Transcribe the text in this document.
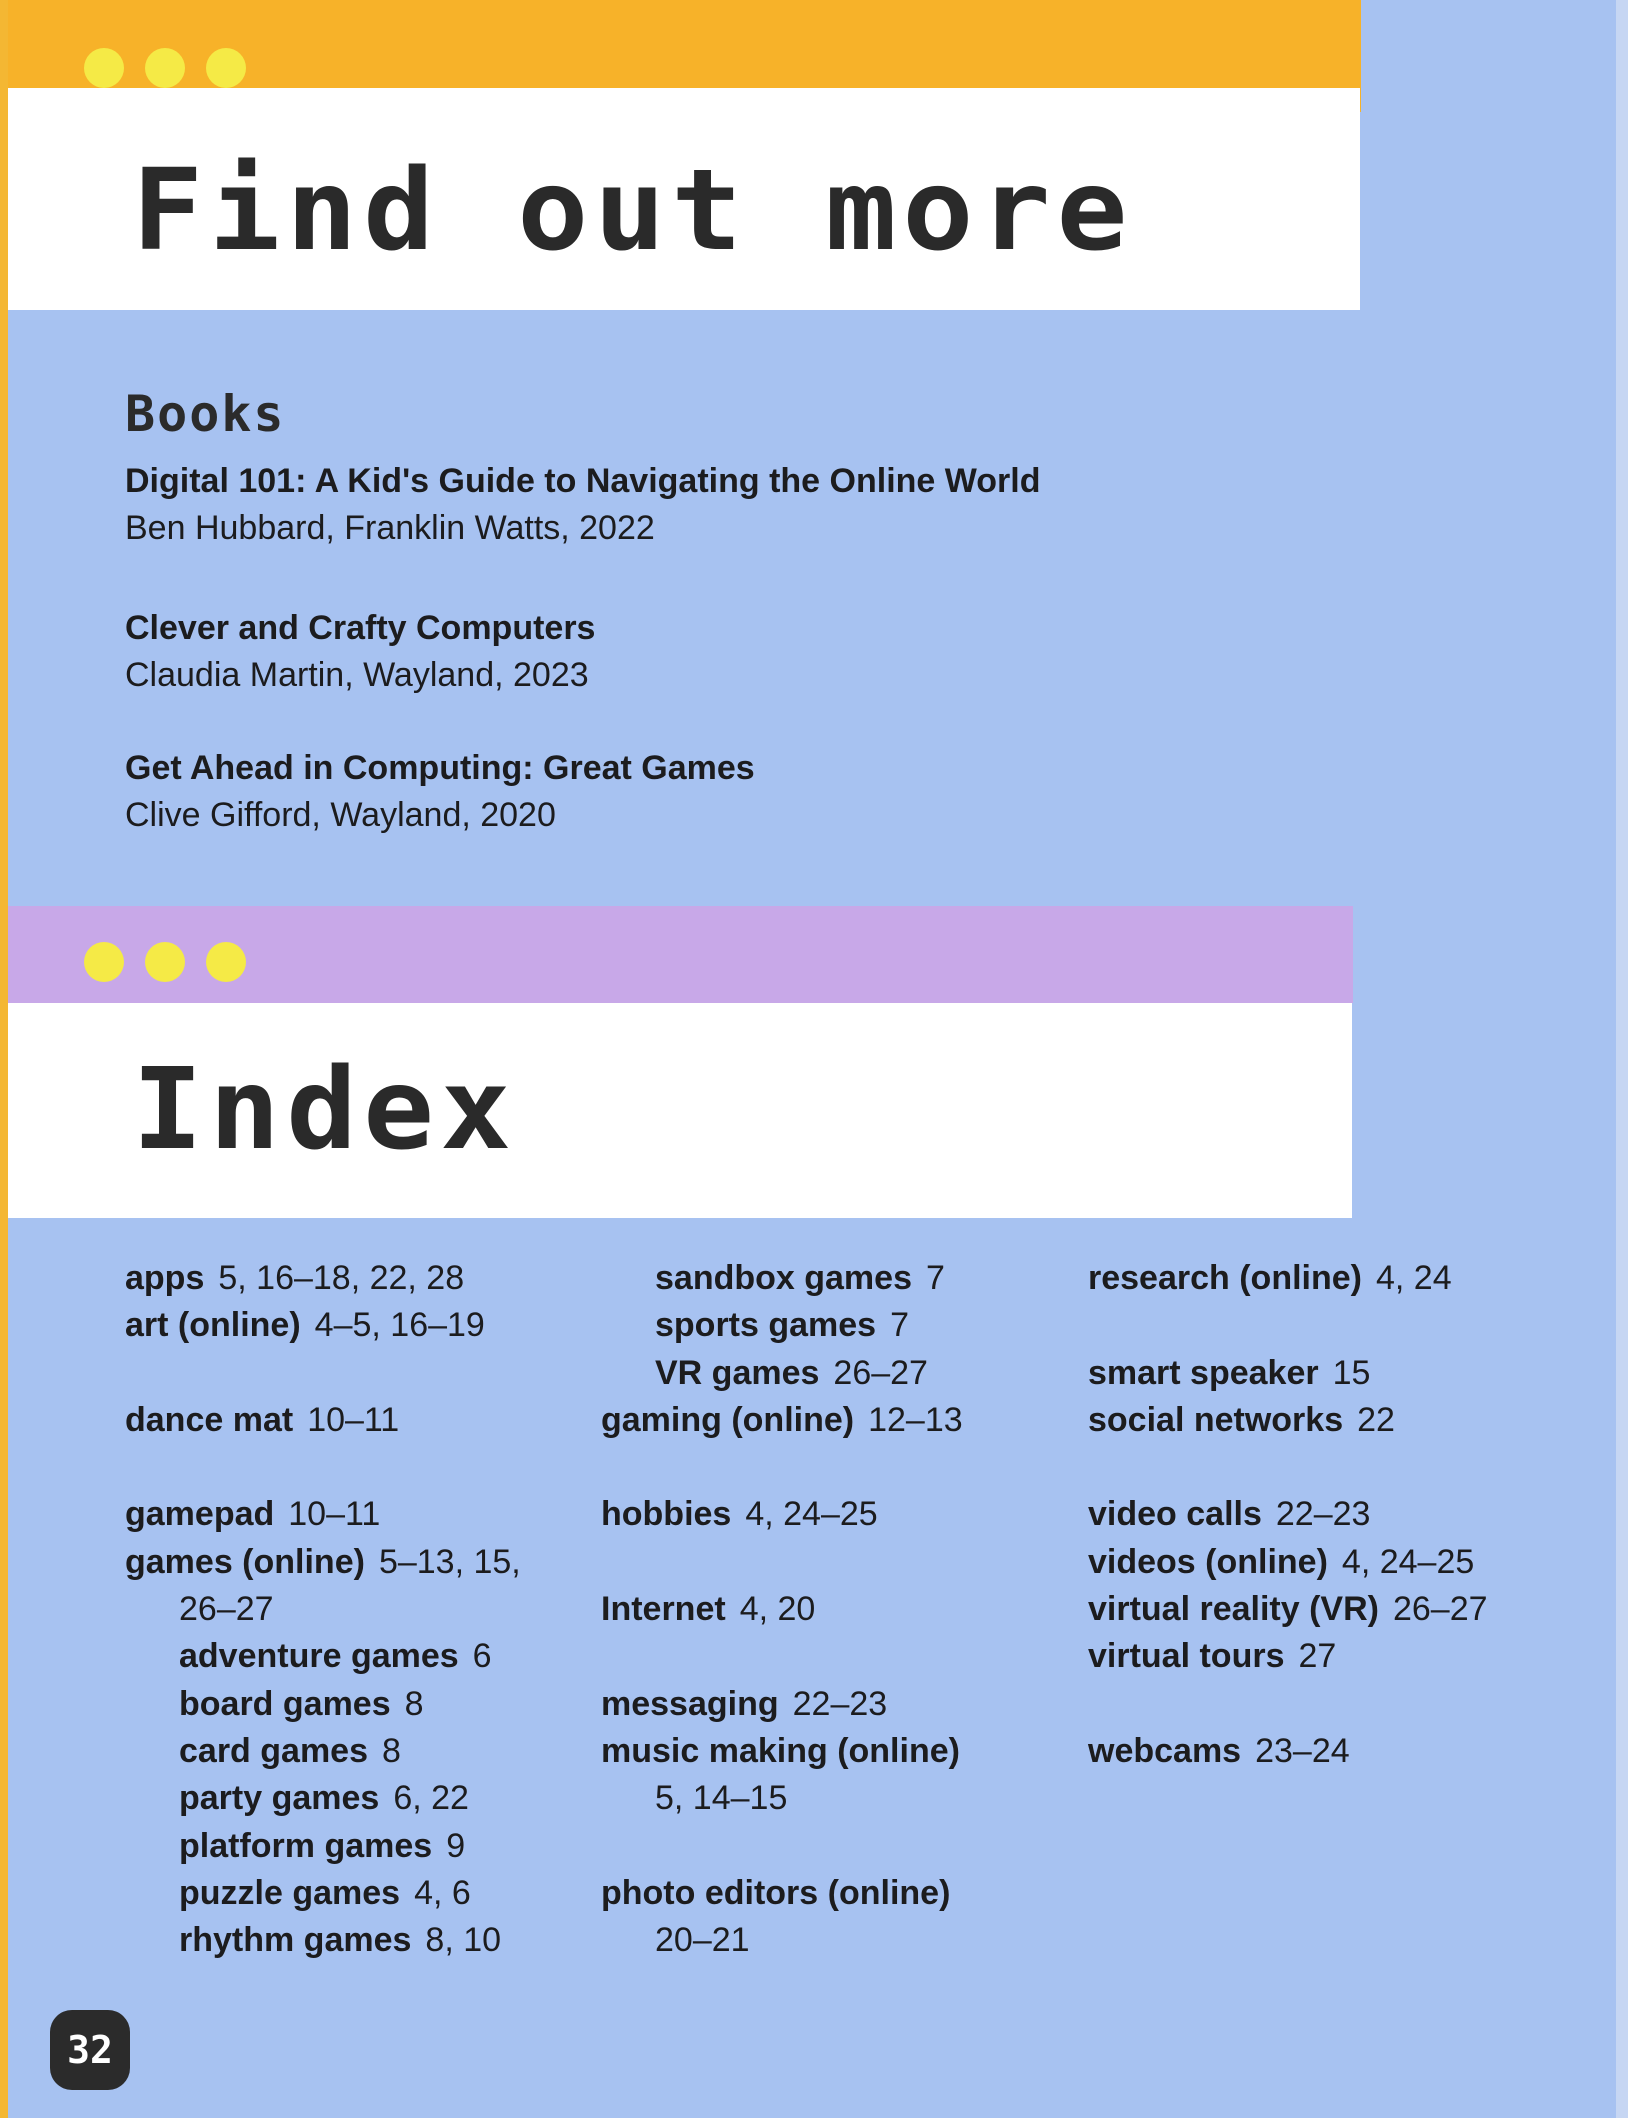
Find out more
Books
Digital 101: A Kid's Guide to Navigating the Online World
Ben Hubbard, Franklin Watts, 2022
Clever and Crafty Computers
Claudia Martin, Wayland, 2023
Get Ahead in Computing: Great Games
Clive Gifford, Wayland, 2020
Index
apps 5, 16–18, 22, 28
art (online) 4–5, 16–19
dance mat 10–11
gamepad 10–11
games (online) 5–13, 15,
26–27
adventure games 6
board games 8
card games 8
party games 6, 22
platform games 9
puzzle games 4, 6
rhythm games 8, 10
sandbox games 7
sports games 7
VR games 26–27
gaming (online) 12–13
hobbies 4, 24–25
Internet 4, 20
messaging 22–23
music making (online)
5, 14–15
photo editors (online)
20–21
research (online) 4, 24
smart speaker 15
social networks 22
video calls 22–23
videos (online) 4, 24–25
virtual reality (VR) 26–27
virtual tours 27
webcams 23–24
32
